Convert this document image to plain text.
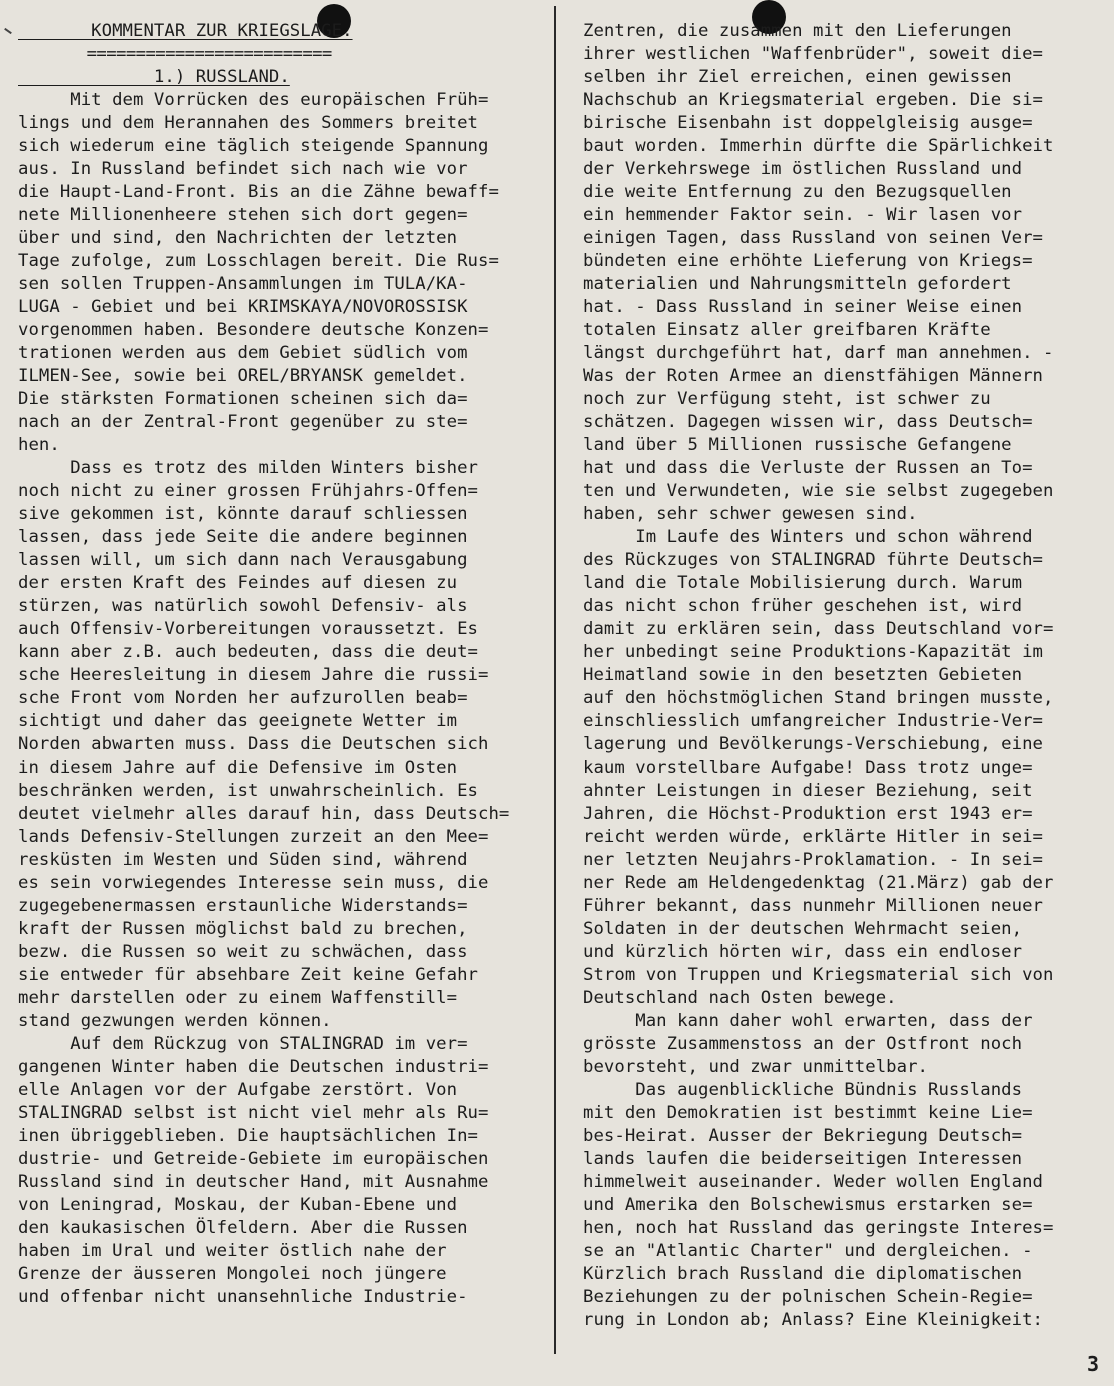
KOMMENTAR ZUR KRIEGSLAGE.
=========================
1.) RUSSLAND.
Mit dem Vorrücken des europäischen Früh=
lings und dem Herannahen des Sommers breitet
sich wiederum eine täglich steigende Spannung
aus. In Russland befindet sich nach wie vor
die Haupt-Land-Front. Bis an die Zähne bewaff=
nete Millionenheere stehen sich dort gegen=
über und sind, den Nachrichten der letzten
Tage zufolge, zum Losschlagen bereit. Die Rus=
sen sollen Truppen-Ansammlungen im TULA/KA-
LUGA - Gebiet und bei KRIMSKAYA/NOVOROSSISK
vorgenommen haben. Besondere deutsche Konzen=
trationen werden aus dem Gebiet südlich vom
ILMEN-See, sowie bei OREL/BRYANSK gemeldet.
Die stärksten Formationen scheinen sich da=
nach an der Zentral-Front gegenüber zu ste=
hen.
Dass es trotz des milden Winters bisher
noch nicht zu einer grossen Frühjahrs-Offen=
sive gekommen ist, könnte darauf schliessen
lassen, dass jede Seite die andere beginnen
lassen will, um sich dann nach Verausgabung
der ersten Kraft des Feindes auf diesen zu
stürzen, was natürlich sowohl Defensiv- als
auch Offensiv-Vorbereitungen voraussetzt. Es
kann aber z.B. auch bedeuten, dass die deut=
sche Heeresleitung in diesem Jahre die russi=
sche Front vom Norden her aufzurollen beab=
sichtigt und daher das geeignete Wetter im
Norden abwarten muss. Dass die Deutschen sich
in diesem Jahre auf die Defensive im Osten
beschränken werden, ist unwahrscheinlich. Es
deutet vielmehr alles darauf hin, dass Deutsch=
lands Defensiv-Stellungen zurzeit an den Mee=
resküsten im Westen und Süden sind, während
es sein vorwiegendes Interesse sein muss, die
zugegebenermassen erstaunliche Widerstands=
kraft der Russen möglichst bald zu brechen,
bezw. die Russen so weit zu schwächen, dass
sie entweder für absehbare Zeit keine Gefahr
mehr darstellen oder zu einem Waffenstill=
stand gezwungen werden können.
Auf dem Rückzug von STALINGRAD im ver=
gangenen Winter haben die Deutschen industri=
elle Anlagen vor der Aufgabe zerstört. Von
STALINGRAD selbst ist nicht viel mehr als Ru=
inen übriggeblieben. Die hauptsächlichen In=
dustrie- und Getreide-Gebiete im europäischen
Russland sind in deutscher Hand, mit Ausnahme
von Leningrad, Moskau, der Kuban-Ebene und
den kaukasischen Ölfeldern. Aber die Russen
haben im Ural und weiter östlich nahe der
Grenze der äusseren Mongolei noch jüngere
und offenbar nicht unansehnliche Industrie-
Zentren, die zusammen mit den Lieferungen
ihrer westlichen "Waffenbrüder", soweit die=
selben ihr Ziel erreichen, einen gewissen
Nachschub an Kriegsmaterial ergeben. Die si=
birische Eisenbahn ist doppelgleisig ausge=
baut worden. Immerhin dürfte die Spärlichkeit
der Verkehrswege im östlichen Russland und
die weite Entfernung zu den Bezugsquellen
ein hemmender Faktor sein. - Wir lasen vor
einigen Tagen, dass Russland von seinen Ver=
bündeten eine erhöhte Lieferung von Kriegs=
materialien und Nahrungsmitteln gefordert
hat. - Dass Russland in seiner Weise einen
totalen Einsatz aller greifbaren Kräfte
längst durchgeführt hat, darf man annehmen. -
Was der Roten Armee an dienstfähigen Männern
noch zur Verfügung steht, ist schwer zu
schätzen. Dagegen wissen wir, dass Deutsch=
land über 5 Millionen russische Gefangene
hat und dass die Verluste der Russen an To=
ten und Verwundeten, wie sie selbst zugegeben
haben, sehr schwer gewesen sind.
Im Laufe des Winters und schon während
des Rückzuges von STALINGRAD führte Deutsch=
land die Totale Mobilisierung durch. Warum
das nicht schon früher geschehen ist, wird
damit zu erklären sein, dass Deutschland vor=
her unbedingt seine Produktions-Kapazität im
Heimatland sowie in den besetzten Gebieten
auf den höchstmöglichen Stand bringen musste,
einschliesslich umfangreicher Industrie-Ver=
lagerung und Bevölkerungs-Verschiebung, eine
kaum vorstellbare Aufgabe! Dass trotz unge=
ahnter Leistungen in dieser Beziehung, seit
Jahren, die Höchst-Produktion erst 1943 er=
reicht werden würde, erklärte Hitler in sei=
ner letzten Neujahrs-Proklamation. - In sei=
ner Rede am Heldengedenktag (21.März) gab der
Führer bekannt, dass nunmehr Millionen neuer
Soldaten in der deutschen Wehrmacht seien,
und kürzlich hörten wir, dass ein endloser
Strom von Truppen und Kriegsmaterial sich von
Deutschland nach Osten bewege.
Man kann daher wohl erwarten, dass der
grösste Zusammenstoss an der Ostfront noch
bevorsteht, und zwar unmittelbar.
Das augenblickliche Bündnis Russlands
mit den Demokratien ist bestimmt keine Lie=
bes-Heirat. Ausser der Bekriegung Deutsch=
lands laufen die beiderseitigen Interessen
himmelweit auseinander. Weder wollen England
und Amerika den Bolschewismus erstarken se=
hen, noch hat Russland das geringste Interes=
se an "Atlantic Charter" und dergleichen. -
Kürzlich brach Russland die diplomatischen
Beziehungen zu der polnischen Schein-Regie=
rung in London ab; Anlass? Eine Kleinigkeit:
3
